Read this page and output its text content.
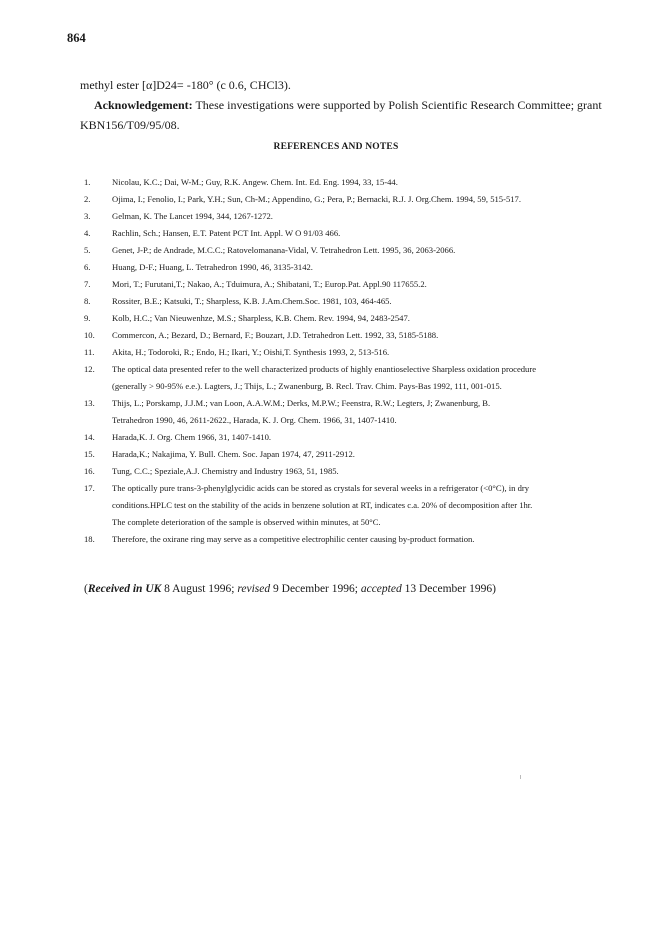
864
methyl ester [α]D24= -180° (c 0.6, CHCl3).
Acknowledgement: These investigations were supported by Polish Scientific Research Committee; grant
KBN156/T09/95/08.
REFERENCES AND NOTES
1.	Nicolau, K.C.; Dai, W-M.; Guy, R.K. Angew. Chem. Int. Ed. Eng. 1994, 33, 15-44.
2.	Ojima, I.; Fenolio, I.; Park, Y.H.; Sun, Ch-M.; Appendino, G.; Pera, P.; Bernacki, R.J. J. Org.Chem. 1994, 59, 515-517.
3.	Gelman, K. The Lancet 1994, 344, 1267-1272.
4.	Rachlin, Sch.; Hansen, E.T. Patent PCT Int. Appl. W O 91/03 466.
5.	Genet, J-P.; de Andrade, M.C.C.; Ratovelomanana-Vidal, V. Tetrahedron Lett. 1995, 36, 2063-2066.
6.	Huang, D-F.; Huang, L. Tetrahedron 1990, 46, 3135-3142.
7.	Mori, T.; Furutani,T.; Nakao, A.; Tduimura, A.; Shibatani, T.; Europ.Pat. Appl.90 117655.2.
8.	Rossiter, B.E.; Katsuki, T.; Sharpless, K.B. J.Am.Chem.Soc. 1981, 103, 464-465.
9.	Kolb, H.C.; Van Nieuwenhze, M.S.; Sharpless, K.B. Chem. Rev. 1994, 94, 2483-2547.
10.	Commercon, A.; Bezard, D.; Bernard, F.; Bouzart, J.D. Tetrahedron Lett. 1992, 33, 5185-5188.
11.	Akita, H.; Todoroki, R.; Endo, H.; Ikari, Y.; Oishi,T. Synthesis 1993, 2, 513-516.
12.	The optical data presented refer to the well characterized products of highly enantioselective Sharpless oxidation procedure
(generally > 90-95% e.e.). Lagters, J.; Thijs, L.; Zwanenburg, B. Recl. Trav. Chim. Pays-Bas 1992, 111, 001-015.
13.	Thijs, L.; Porskamp, J.J.M.; van Loon, A.A.W.M.; Derks, M.P.W.; Feenstra, R.W.; Legters, J; Zwanenburg, B.
Tetrahedron 1990, 46, 2611-2622., Harada, K. J. Org. Chem. 1966, 31, 1407-1410.
14.	Harada,K. J. Org. Chem 1966, 31, 1407-1410.
15.	Harada,K.; Nakajima, Y. Bull. Chem. Soc. Japan 1974, 47, 2911-2912.
16.	Tung, C.C.; Speziale,A.J. Chemistry and Industry 1963, 51, 1985.
17.	The optically pure trans-3-phenylglycidic acids can be stored as crystals for several weeks in a refrigerator (<0°C), in dry
conditions.HPLC test on the stability of the acids in benzene solution at RT, indicates c.a. 20% of decomposition after 1hr.
The complete deterioration of the sample is observed within minutes, at 50°C.
18.	Therefore, the oxirane ring may serve as a competitive electrophilic center causing by-product formation.
(Received in UK 8 August 1996; revised 9 December 1996; accepted 13 December 1996)
